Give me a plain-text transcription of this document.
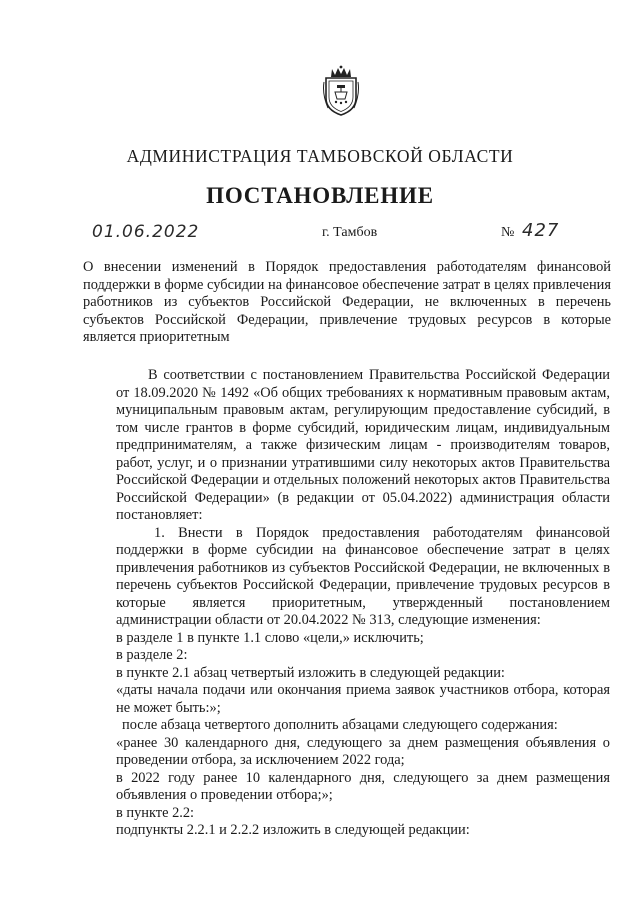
АДМИНИСТРАЦИЯ ТАМБОВСКОЙ ОБЛАСТИ
ПОСТАНОВЛЕНИЕ
01.06.2022	г. Тамбов	№ 427
О внесении изменений в Порядок предоставления работодателям финансовой поддержки в форме субсидии на финансовое обеспечение затрат в целях привлечения работников из субъектов Российской Федерации, не включенных в перечень субъектов Российской Федерации, привлечение трудовых ресурсов в которые является приоритетным

В соответствии с постановлением Правительства Российской Федерации от 18.09.2020 № 1492 «Об общих требованиях к нормативным правовым актам, муниципальным правовым актам, регулирующим предоставление субсидий, в том числе грантов в форме субсидий, юридическим лицам, индивидуальным предпринимателям, а также физическим лицам - производителям товаров, работ, услуг, и о признании утратившими силу некоторых актов Правительства Российской Федерации и отдельных положений некоторых актов Правительства Российской Федерации» (в редакции от 05.04.2022) администрация области постановляет:

1. Внести в Порядок предоставления работодателям финансовой поддержки в форме субсидии на финансовое обеспечение затрат в целях привлечения работников из субъектов Российской Федерации, не включенных в перечень субъектов Российской Федерации, привлечение трудовых ресурсов в которые является приоритетным, утвержденный постановлением администрации области от 20.04.2022 № 313, следующие изменения:

в разделе 1 в пункте 1.1 слово «цели,» исключить;

в разделе 2:

в пункте 2.1 абзац четвертый изложить в следующей редакции:

«даты начала подачи или окончания приема заявок участников отбора, которая не может быть:»;

после абзаца четвертого дополнить абзацами следующего содержания:

«ранее 30 календарного дня, следующего за днем размещения объявления о проведении отбора, за исключением 2022 года;

в 2022 году ранее 10 календарного дня, следующего за днем размещения объявления о проведении отбора;»;

в пункте 2.2:

подпункты 2.2.1 и 2.2.2 изложить в следующей редакции:
